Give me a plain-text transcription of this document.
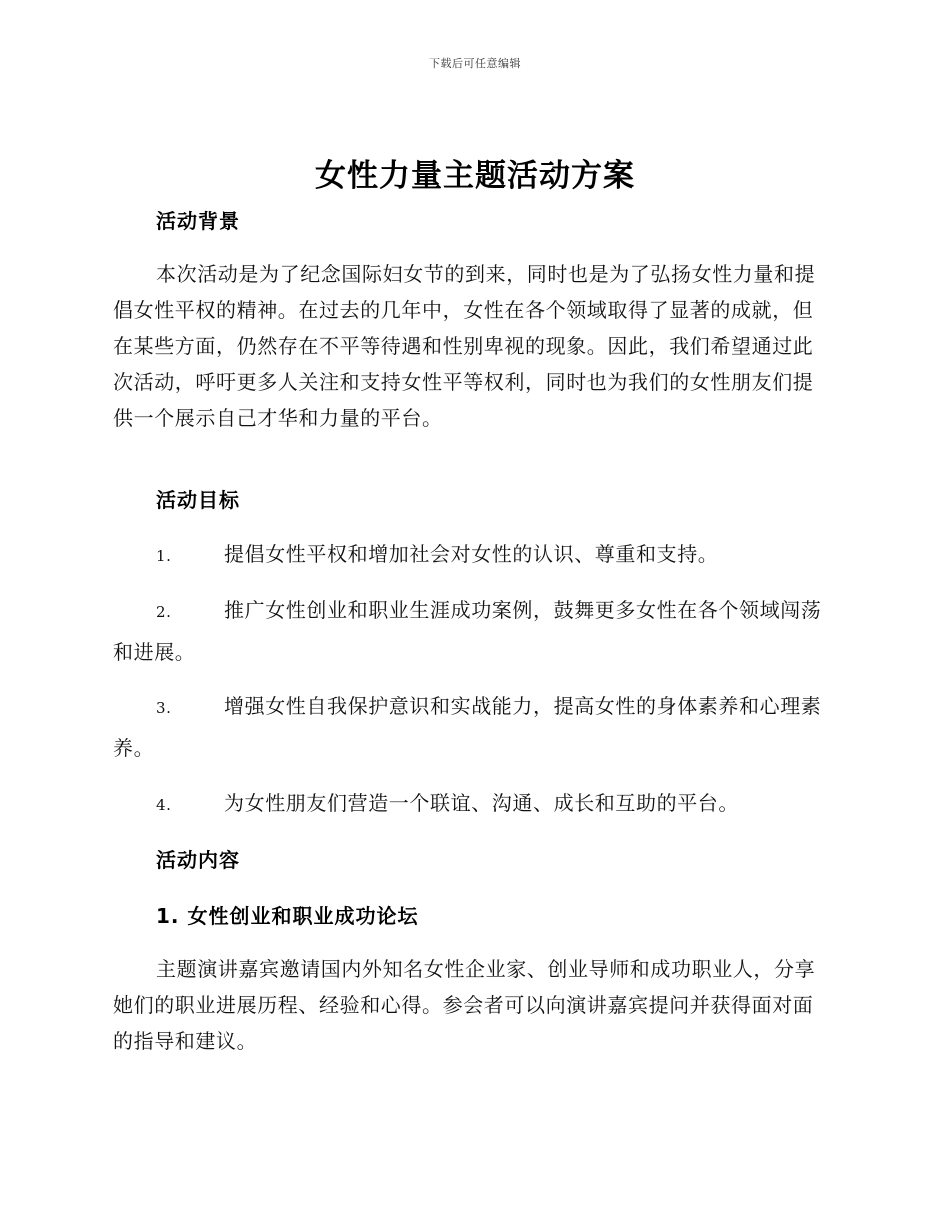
下载后可任意编辑
女性力量主题活动方案
活动背景

本次活动是为了纪念国际妇女节的到来，同时也是为了弘扬女性力量和提倡女性平权的精神。在过去的几年中，女性在各个领域取得了显著的成就，但在某些方面，仍然存在不平等待遇和性别卑视的现象。因此，我们希望通过此次活动，呼吁更多人关注和支持女性平等权利，同时也为我们的女性朋友们提供一个展示自己才华和力量的平台。

活动目标
1.	提倡女性平权和增加社会对女性的认识、尊重和支持。
2.	推广女性创业和职业生涯成功案例，鼓舞更多女性在各个领域闯荡和进展。
3.	增强女性自我保护意识和实战能力，提高女性的身体素养和心理素养。
4.	为女性朋友们营造一个联谊、沟通、成长和互助的平台。
活动内容
1. 女性创业和职业成功论坛

主题演讲嘉宾邀请国内外知名女性企业家、创业导师和成功职业人，分享她们的职业进展历程、经验和心得。参会者可以向演讲嘉宾提问并获得面对面的指导和建议。
